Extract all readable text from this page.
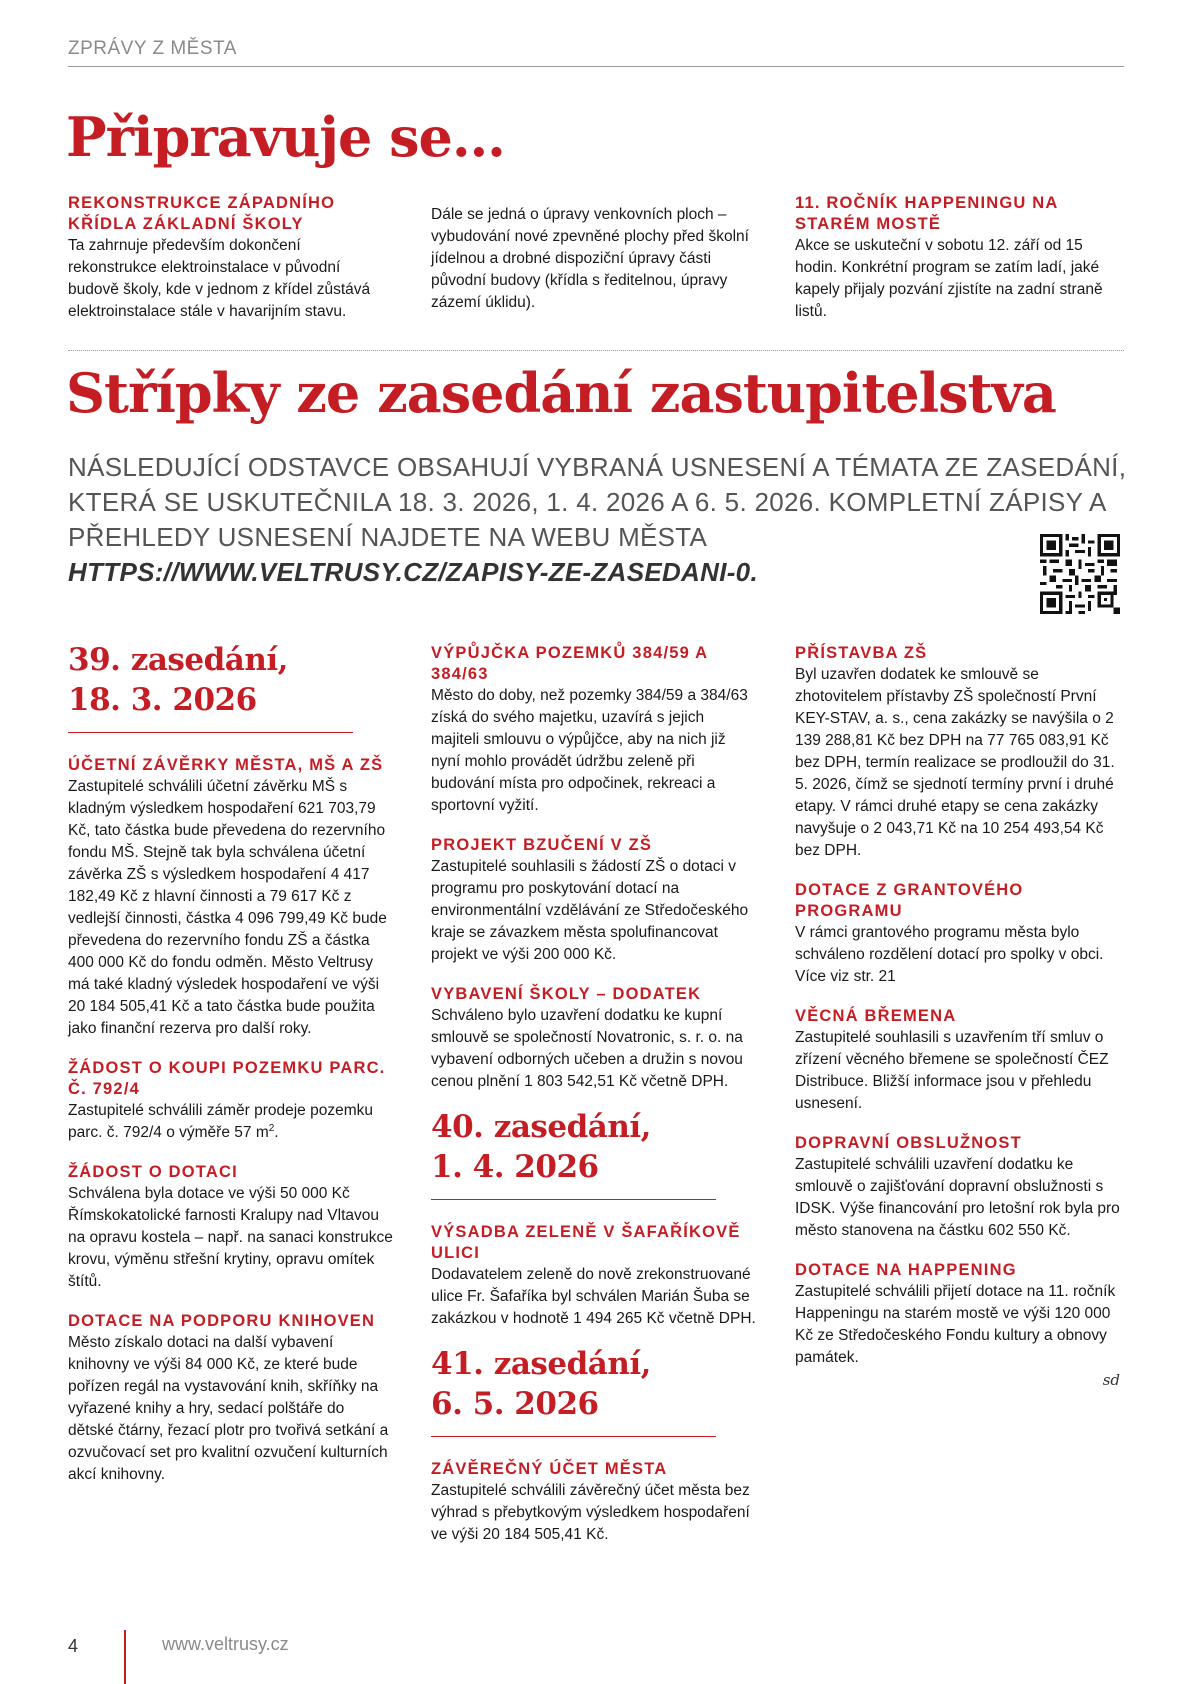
ZPRÁVY Z MĚSTA
Připravuje se…
REKONSTRUKCE ZÁPADNÍHO KŘÍDLA ZÁKLADNÍ ŠKOLY

Ta zahrnuje především dokončení rekonstrukce elektroinstalace v původní budově školy, kde v jednom z křídel zůstává elektroinstalace stále v havarijním stavu.

Dále se jedná o úpravy venkovních ploch – vybudování nové zpevněné plochy před školní jídelnou a drobné dispoziční úpravy části původní budovy (křídla s ředitelnou, úpravy zázemí úklidu).

11. ROČNÍK HAPPENINGU NA STARÉM MOSTĚ

Akce se uskuteční v sobotu 12. září od 15 hodin. Konkrétní program se zatím ladí, jaké kapely přijaly pozvání zjistíte na zadní straně listů.

Střípky ze zasedání zastupitelstva
NÁSLEDUJÍCÍ ODSTAVCE OBSAHUJÍ VYBRANÁ USNESENÍ A TÉMATA ZE ZASEDÁNÍ, KTERÁ SE USKUTEČNILA 18. 3. 2026, 1. 4. 2026 A 6. 5. 2026. KOMPLETNÍ ZÁPISY A PŘEHLEDY USNESENÍ NAJDETE NA WEBU MĚSTA
HTTPS://WWW.VELTRUSY.CZ/ZAPISY-ZE-ZASEDANI-0.
39. zasedání,
18. 3. 2026
ÚČETNÍ ZÁVĚRKY MĚSTA, MŠ A ZŠ

Zastupitelé schválili účetní závěrku MŠ s kladným výsledkem hospodaření 621 703,79 Kč, tato částka bude převedena do rezervního fondu MŠ. Stejně tak byla schválena účetní závěrka ZŠ s výsledkem hospodaření 4 417 182,49 Kč z hlavní činnosti a 79 617 Kč z vedlejší činnosti, částka 4 096 799,49 Kč bude převedena do rezervního fondu ZŠ a částka 400 000 Kč do fondu odměn. Město Veltrusy má také kladný výsledek hospodaření ve výši 20 184 505,41 Kč a tato částka bude použita jako finanční rezerva pro další roky.

ŽÁDOST O KOUPI POZEMKU PARC. Č. 792/4

Zastupitelé schválili záměr prodeje pozemku parc. č. 792/4 o výměře 57 $m^2$.

ŽÁDOST O DOTACI

Schválena byla dotace ve výši 50 000 Kč Římskokatolické farnosti Kralupy nad Vltavou na opravu kostela – např. na sanaci konstrukce krovu, výměnu střešní krytiny, opravu omítek štítů.

DOTACE NA PODPORU KNIHOVEN

Město získalo dotaci na další vybavení knihovny ve výši 84 000 Kč, ze které bude pořízen regál na vystavování knih, skříňky na vyřazené knihy a hry, sedací polštáře do dětské čtárny, řezací plotr pro tvořivá setkání a ozvučovací set pro kvalitní ozvučení kulturních akcí knihovny.

VÝPŮJČKA POZEMKŮ 384/59 A 384/63

Město do doby, než pozemky 384/59 a 384/63 získá do svého majetku, uzavírá s jejich majiteli smlouvu o výpůjčce, aby na nich již nyní mohlo provádět údržbu zeleně při budování místa pro odpočinek, rekreaci a sportovní vyžití.

PROJEKT BZUČENÍ V ZŠ

Zastupitelé souhlasili s žádostí ZŠ o dotaci v programu pro poskytování dotací na environmentální vzdělávání ze Středočeského kraje se závazkem města spolufinancovat projekt ve výši 200 000 Kč.

VYBAVENÍ ŠKOLY – DODATEK

Schváleno bylo uzavření dodatku ke kupní smlouvě se společností Novatronic, s. r. o. na vybavení odborných učeben a družin s novou cenou plnění 1 803 542,51 Kč včetně DPH.

40. zasedání,
1. 4. 2026
VÝSADBA ZELENĚ V ŠAFAŘÍKOVĚ ULICI

Dodavatelem zeleně do nově zrekonstruované ulice Fr. Šafaříka byl schválen Marián Šuba se zakázkou v hodnotě 1 494 265 Kč včetně DPH.

41. zasedání,
6. 5. 2026
ZÁVĚREČNÝ ÚČET MĚSTA

Zastupitelé schválili závěrečný účet města bez výhrad s přebytkovým výsledkem hospodaření ve výši 20 184 505,41 Kč.

PŘÍSTAVBA ZŠ

Byl uzavřen dodatek ke smlouvě se zhotovitelem přístavby ZŠ společností První KEY-STAV, a. s., cena zakázky se navýšila o 2 139 288,81 Kč bez DPH na 77 765 083,91 Kč bez DPH, termín realizace se prodloužil do 31. 5. 2026, čímž se sjednotí termíny první i druhé etapy. V rámci druhé etapy se cena zakázky navyšuje o 2 043,71 Kč na 10 254 493,54 Kč bez DPH.

DOTACE Z GRANTOVÉHO PROGRAMU

V rámci grantového programu města bylo schváleno rozdělení dotací pro spolky v obci. Více viz str. 21

VĚCNÁ BŘEMENA

Zastupitelé souhlasili s uzavřením tří smluv o zřízení věcného břemene se společností ČEZ Distribuce. Bližší informace jsou v přehledu usnesení.

DOPRAVNÍ OBSLUŽNOST

Zastupitelé schválili uzavření dodatku ke smlouvě o zajišťování dopravní obslužnosti s IDSK. Výše financování pro letošní rok byla pro město stanovena na částku 602 550 Kč.

DOTACE NA HAPPENING

Zastupitelé schválili přijetí dotace na 11. ročník Happeningu na starém mostě ve výši 120 000 Kč ze Středočeského Fondu kultury a obnovy památek.

sd
4	www.veltrusy.cz
